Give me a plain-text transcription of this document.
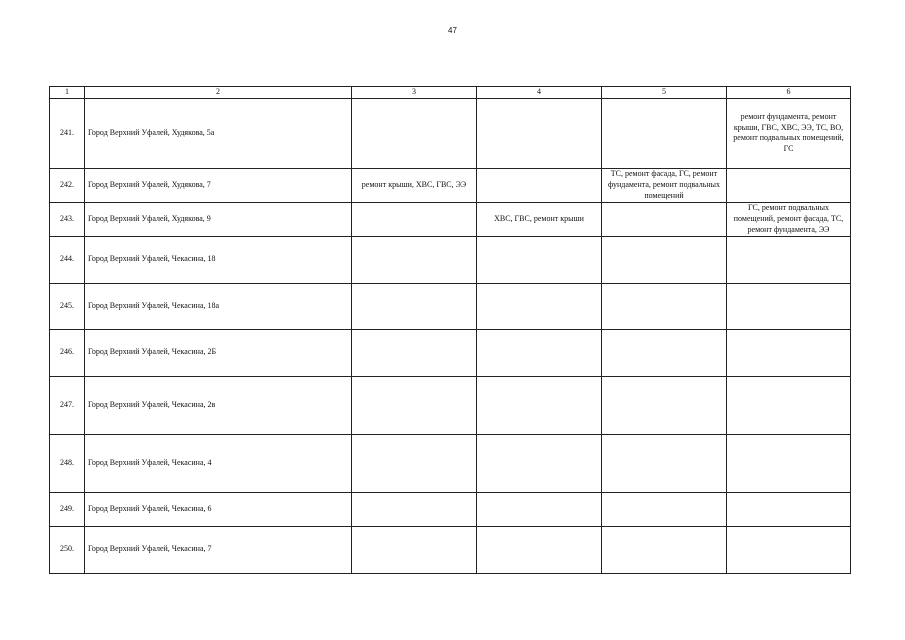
47
1	2	3	4	5	6
241.	Город Верхний Уфалей, Худякова, 5а				ремонт фундамента, ремонт крыши, ГВС, ХВС, ЭЭ, ТС, ВО, ремонт подвальных помещений, ГС
242.	Город Верхний Уфалей, Худякова, 7	ремонт крыши, ХВС, ГВС, ЭЭ		ТС, ремонт фасада, ГС, ремонт фундамента, ремонт подвальных помещений	
243.	Город Верхний Уфалей, Худякова, 9		ХВС, ГВС, ремонт крыши		ГС, ремонт подвальных помещений, ремонт фасада, ТС, ремонт фундамента, ЭЭ
244.	Город Верхний Уфалей, Чекасина, 18				
245.	Город Верхний Уфалей, Чекасина, 18а				
246.	Город Верхний Уфалей, Чекасина, 2Б				
247.	Город Верхний Уфалей, Чекасина, 2в				
248.	Город Верхний Уфалей, Чекасина, 4				
249.	Город Верхний Уфалей, Чекасина, 6				
250.	Город Верхний Уфалей, Чекасина, 7				
